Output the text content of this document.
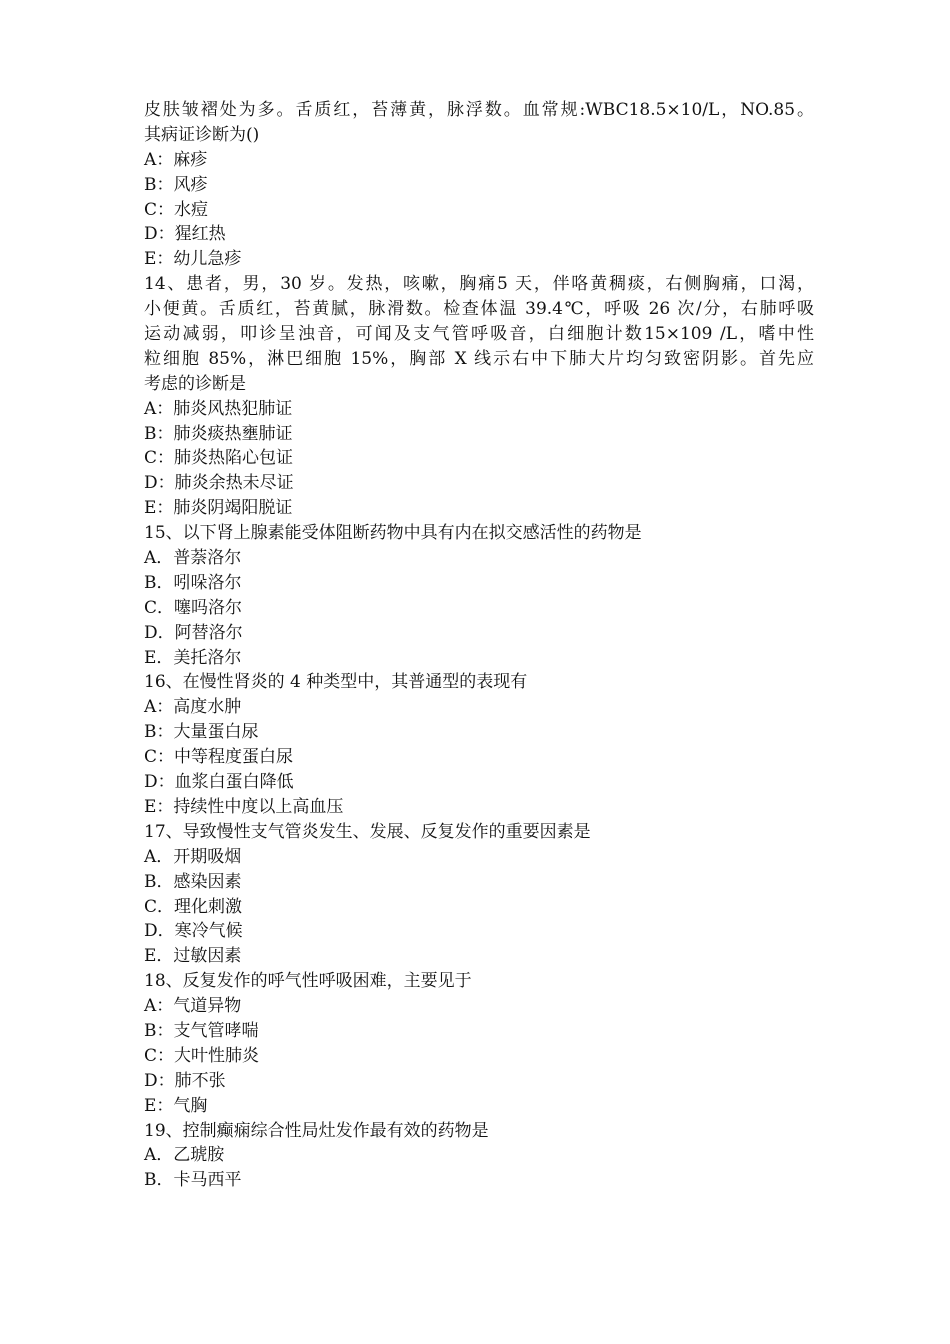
皮肤皱褶处为多。舌质红，苔薄黄，脉浮数。血常规:WBC18.5×10/L，NO.85。
其病证诊断为()
A：麻疹
B：风疹
C：水痘
D：猩红热
E：幼儿急疹
14、患者，男，30 岁。发热，咳嗽，胸痛5 天，伴咯黄稠痰，右侧胸痛，口渴，
小便黄。舌质红，苔黄腻，脉滑数。检查体温 39.4℃，呼吸 26 次/分，右肺呼吸
运动减弱，叩诊呈浊音，可闻及支气管呼吸音，白细胞计数15×109 /L，嗜中性
粒细胞 85%，淋巴细胞 15%，胸部 X 线示右中下肺大片均匀致密阴影。首先应
考虑的诊断是
A：肺炎风热犯肺证
B：肺炎痰热壅肺证
C：肺炎热陷心包证
D：肺炎余热未尽证
E：肺炎阴竭阳脱证
15、以下肾上腺素能受体阻断药物中具有内在拟交感活性的药物是
A．普萘洛尔
B．吲哚洛尔
C．噻吗洛尔
D．阿替洛尔
E．美托洛尔
16、在慢性肾炎的 4 种类型中，其普通型的表现有
A：高度水肿
B：大量蛋白尿
C：中等程度蛋白尿
D：血浆白蛋白降低
E：持续性中度以上高血压
17、导致慢性支气管炎发生、发展、反复发作的重要因素是
A．开期吸烟
B．感染因素
C．理化刺激
D．寒冷气候
E．过敏因素
18、反复发作的呼气性呼吸困难，主要见于
A：气道异物
B：支气管哮喘
C：大叶性肺炎
D：肺不张
E：气胸
19、控制癫痫综合性局灶发作最有效的药物是
A．乙琥胺
B．卡马西平
